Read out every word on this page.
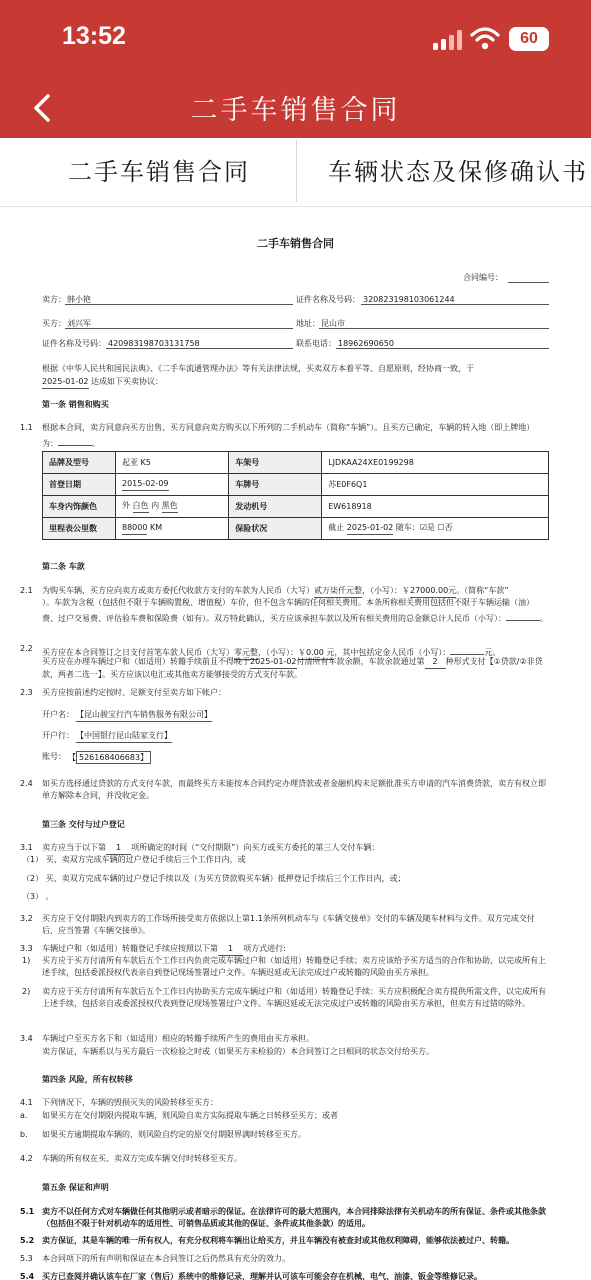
13:52	60
二手车销售合同
二手车销售合同	车辆状态及保修确认书
二手车销售合同
合同编号：
卖方： 韩小艳	证件名称及号码： 320823198103061244
买方： 刘兴军	地址： 昆山市
证件名称及号码： 420983198703131758	联系电话： 18962690650
根据《中华人民共和国民法典》、《二手车流通管理办法》等有关法律法规，买卖双方本着平等、自愿原则，经协商一致，于
2025-01-02 达成如下买卖协议：
第一条 销售和购买
1.1 根据本合同，卖方同意向买方出售、买方同意向卖方购买以下所列的二手机动车（简称“车辆”）。且买方已确定，车辆的转入地（即上牌地）为：	。
品牌及型号	起亚 K5	车架号	LJDKAA24XE0199298
首登日期	2015-02-09	车牌号	苏E0F6Q1
车身内饰颜色	外 白色 内 黑色	发动机号	EW618918
里程表公里数	88000 KM	保险状况	截止 2025-01-02 随车：☑是 ☐否
第二条 车款
2.1 为购买车辆，买方应向卖方或卖方委托代收款方支付的车款为人民币（大写）贰万柒仟元整，（小写）：￥27000.00元。（简称“车款”
）。车款为含税（包括但不限于车辆购置税、增值税）车价，但不包含车辆的任何相关费用。本条所称相关费用包括但不限于车辆运输（油）费、过户交易费、评估验车费和保险费（如有）。双方特此确认，买方应该承担车款以及所有相关费用的总金额总计人民币（小写）：	。
2.2 买方应在本合同签订之日支付首笔车款人民币（大写）零元整，（小写）：￥0.00 元，其中包括定金人民币（小写）：	元。
买方应在办理车辆过户和（如适用）转籍手续前且不得晚于2025-01-02付清所有车款余额，车款余款通过第 2 种形式支付【①贷款/②非贷款，两者二选一】。买方应该以电汇或其他卖方能够接受的方式支付车款。
2.3 买方应按前述约定按时、足额支付至卖方如下帐户：
开户名： 【昆山骏宝行汽车销售服务有限公司】
开户行： 【中国银行昆山陆家支行】
账号： 【 526168406683】
2.4 如买方选择通过贷款的方式支付车款，而最终买方未能按本合同约定办理贷款或者金融机构未足额批准买方申请的汽车消费贷款，卖方有权立即单方解除本合同，并没收定金。
第三条 交付与过户登记
3.1 卖方应当于以下第 1 项所确定的时间（“交付期限”）向买方或买方委托的第三人交付车辆：
（1） 买、卖双方完成车辆的过户登记手续后三个工作日内，或
（2） 买、卖双方完成车辆的过户登记手续以及（为买方贷款购买车辆）抵押登记手续后三个工作日内，或；
（3） 。
3.2 买方应于交付期限内到卖方的工作场所接受卖方依据以上第1.1条所列机动车与《车辆交接单》交付的车辆及随车材料与文件。双方完成交付后，应当签署《车辆交接单》。
3.3 车辆过户和（如适用）转籍登记手续应按照以下第 1 项方式进行:
1) 买方应于买方付清所有车款后五个工作日内负责完成车辆过户和（如适用）转籍登记手续；卖方应该给予买方适当的合作和协助，以完成所有上述手续，包括委派授权代表亲自到登记现场签署过户文件。车辆迟延或无法完成过户或转籍的风险由买方承担。
2) 卖方应于买方付清所有车款后五个工作日内协助买方完成车辆过户和（如适用）转籍登记手续：买方应积极配合卖方提供所需文件，以完成所有上述手续，包括亲自或委派授权代表到登记现场签署过户文件。车辆迟延或无法完成过户或转籍的风险由买方承担，但卖方有过错的除外。
3.4 车辆过户至买方名下和（如适用）相应的转籍手续所产生的费用由买方承担。
卖方保证，车辆系以与买方最后一次检验之时或（如果买方未检验的）本合同签订之日相同的状态交付给买方。
第四条 风险，所有权转移
4.1 下列情况下，车辆的毁损灭失的风险转移至买方：
a. 如果买方在交付期限内提取车辆，则风险自卖方实际提取车辆之日转移至买方；或者
b. 如果买方逾期提取车辆的，则风险自约定的原交付期限界满时转移至买方。
4.2 车辆的所有权在买、卖双方完成车辆交付时转移至买方。
第五条 保证和声明
5.1 卖方不以任何方式对车辆做任何其他明示或者暗示的保证。在法律许可的最大范围内，本合同排除法律有关机动车的所有保证、条件或其他条款（包括但不限于针对机动车的适用性、可销售品质或其他的保证、条件或其他条款）的适用。
5.2 卖方保证，其是车辆的唯一所有权人，有充分权利将车辆出让给买方，并且车辆没有被查封或其他权利障碍，能够依法被过户、转籍。
5.3 本合同项下的所有声明和保证在本合同签订之后仍然具有充分的效力。
5.4 买方已查阅并确认该车在厂家（售后）系统中的维修记录，理解并认可该车可能会存在机械、电气、油漆、钣金等维修记录。
